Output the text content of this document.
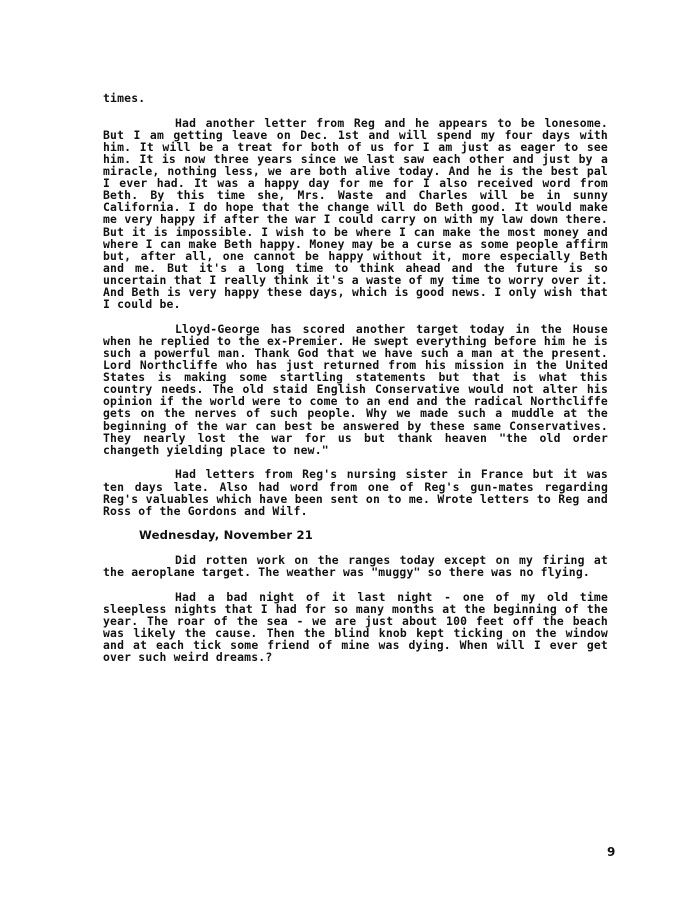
times.

Had another letter from Reg and he appears to be lonesome. But I am getting leave on Dec. 1st and will spend my four days with him. It will be a treat for both of us for I am just as eager to see him. It is now three years since we last saw each other and just by a miracle, nothing less, we are both alive today. And he is the best pal I ever had. It was a happy day for me for I also received word from Beth. By this time she, Mrs. Waste and Charles will be in sunny California. I do hope that the change will do Beth good. It would make me very happy if after the war I could carry on with my law down there. But it is impossible. I wish to be where I can make the most money and where I can make Beth happy. Money may be a curse as some people affirm but, after all, one cannot be happy without it, more especially Beth and me. But it's a long time to think ahead and the future is so uncertain that I really think it's a waste of my time to worry over it. And Beth is very happy these days, which is good news. I only wish that I could be.

Lloyd-George has scored another target today in the House when he replied to the ex-Premier. He swept everything before him he is such a powerful man. Thank God that we have such a man at the present. Lord Northcliffe who has just returned from his mission in the United States is making some startling statements but that is what this country needs. The old staid English Conservative would not alter his opinion if the world were to come to an end and the radical Northcliffe gets on the nerves of such people. Why we made such a muddle at the beginning of the war can best be answered by these same Conservatives. They nearly lost the war for us but thank heaven "the old order changeth yielding place to new."

Had letters from Reg's nursing sister in France but it was ten days late. Also had word from one of Reg's gun-mates regarding Reg's valuables which have been sent on to me. Wrote letters to Reg and Ross of the Gordons and Wilf.

Wednesday, November 21

Did rotten work on the ranges today except on my firing at the aeroplane target. The weather was "muggy" so there was no flying.

Had a bad night of it last night - one of my old time sleepless nights that I had for so many months at the beginning of the year. The roar of the sea - we are just about 100 feet off the beach was likely the cause. Then the blind knob kept ticking on the window and at each tick some friend of mine was dying. When will I ever get over such weird dreams.?

9
